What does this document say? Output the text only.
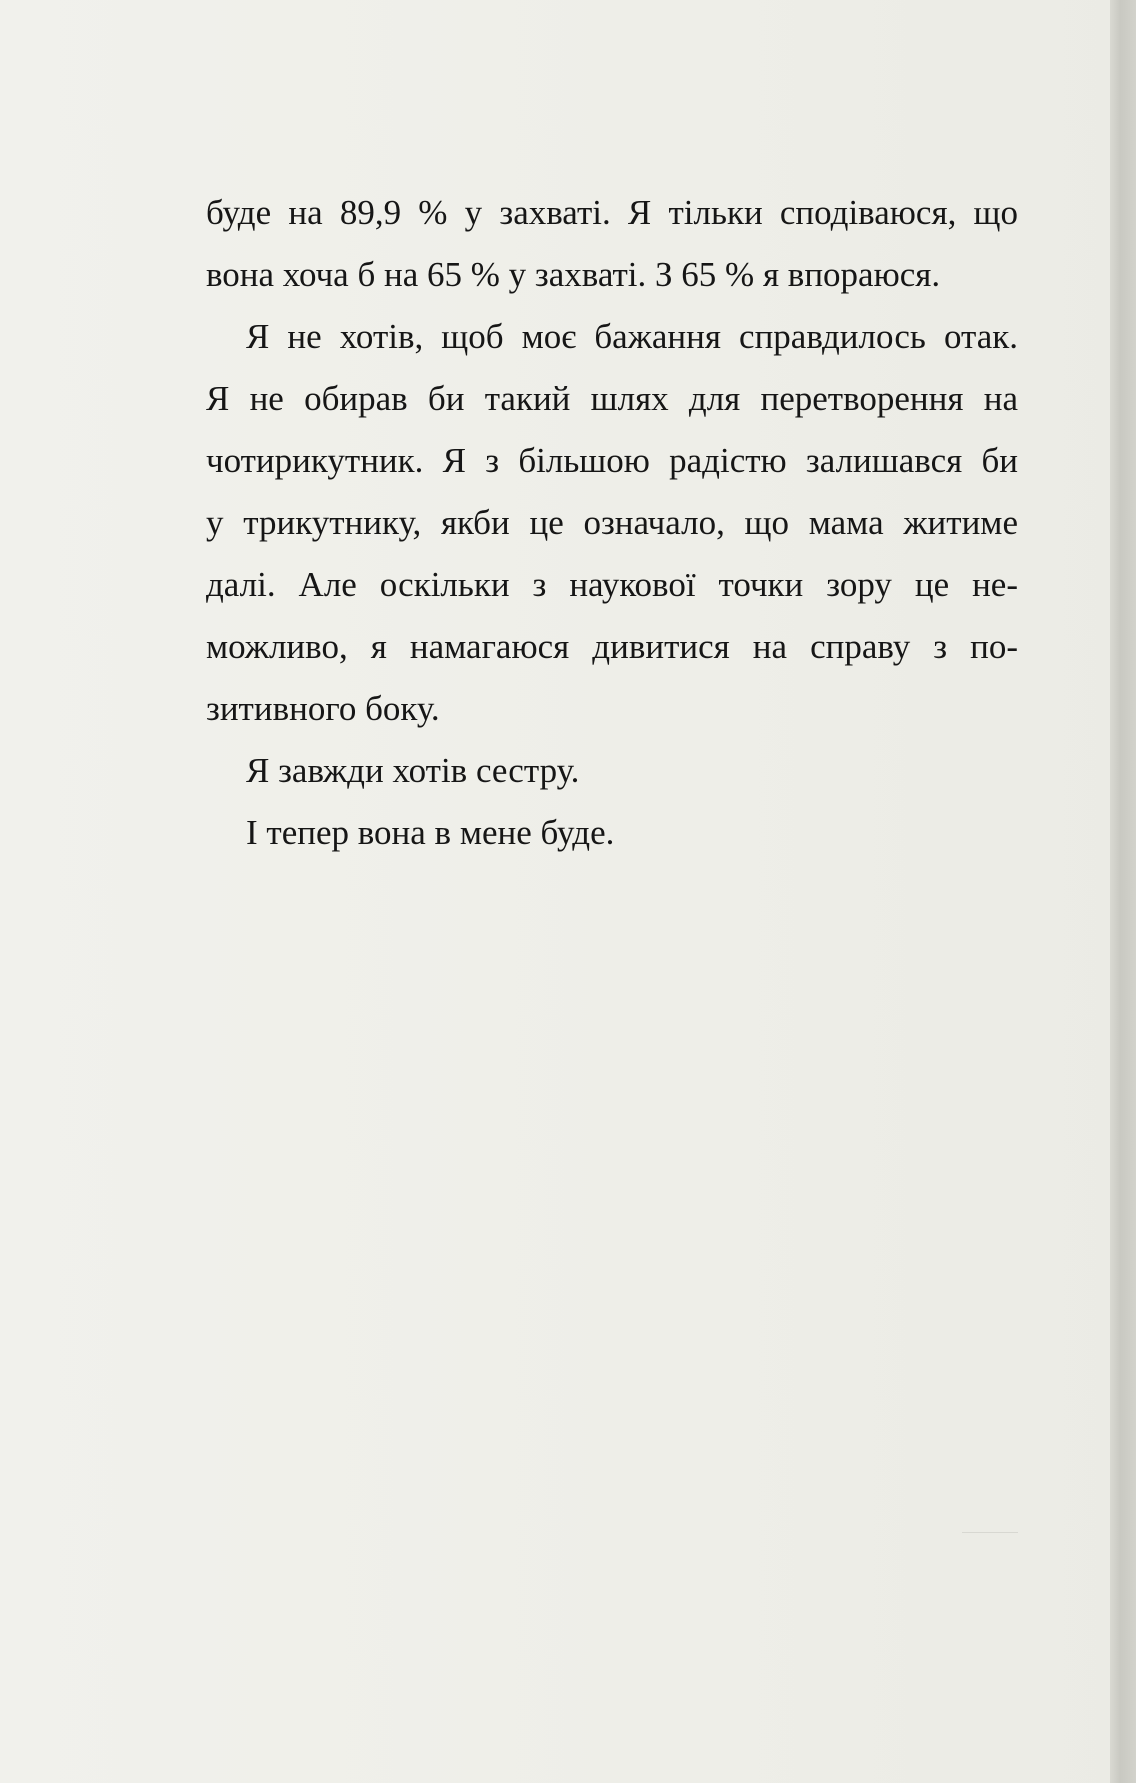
буде на 89,9 % у захваті. Я тільки сподіваюся, що
вона хоча б на 65 % у захваті. З 65 % я впораюся.
Я не хотів, щоб моє бажання справдилось отак.
Я не обирав би такий шлях для перетворення на
чотирикутник. Я з більшою радістю залишався би
у трикутнику, якби це означало, що мама житиме
далі. Але оскільки з наукової точки зору це не-
можливо, я намагаюся дивитися на справу з по-
зитивного боку.
Я завжди хотів сестру.
І тепер вона в мене буде.
